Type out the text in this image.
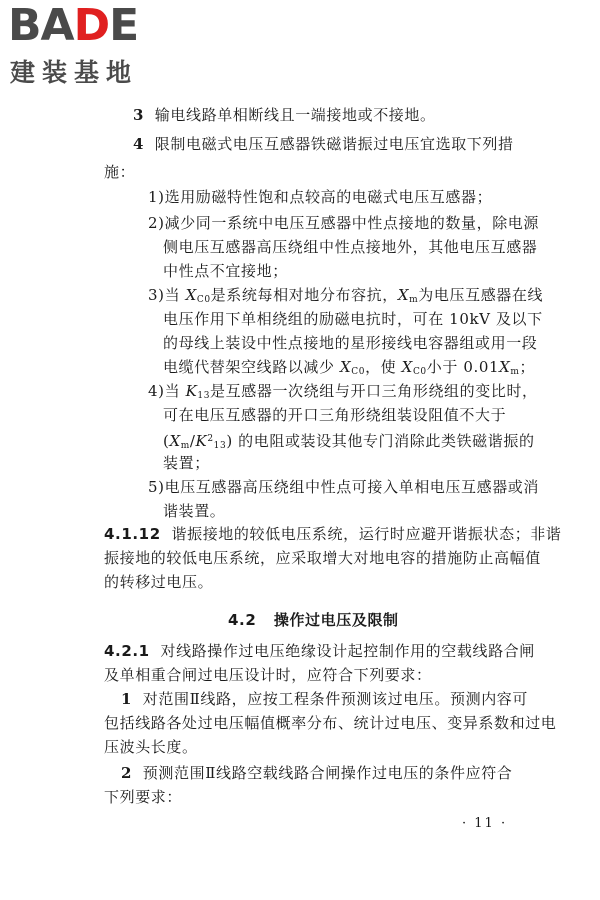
BADE
建装基地
3 输电线路单相断线且一端接地或不接地。
4 限制电磁式电压互感器铁磁谐振过电压宜选取下列措
施：
1)选用励磁特性饱和点较高的电磁式电压互感器；
2)减少同一系统中电压互感器中性点接地的数量，除电源
侧电压互感器高压绕组中性点接地外，其他电压互感器
中性点不宜接地；
3)当 $X_{C0}$是系统每相对地分布容抗，$X_m$为电压互感器在线
电压作用下单相绕组的励磁电抗时，可在 10kV 及以下
的母线上装设中性点接地的星形接线电容器组或用一段
电缆代替架空线路以减少 $X_{C0}$，使 $X_{C0}$小于 $0.01X_m$；
4)当 $K_{13}$是互感器一次绕组与开口三角形绕组的变比时，
可在电压互感器的开口三角形绕组装设阻值不大于
$(X_m/K^2_{13})$ 的电阻或装设其他专门消除此类铁磁谐振的
装置；
5)电压互感器高压绕组中性点可接入单相电压互感器或消
谐装置。
4.1.12 谐振接地的较低电压系统，运行时应避开谐振状态；非谐
振接地的较低电压系统，应采取增大对地电容的措施防止高幅值
的转移过电压。
4.2 操作过电压及限制
4.2.1 对线路操作过电压绝缘设计起控制作用的空载线路合闸
及单相重合闸过电压设计时，应符合下列要求：
1 对范围Ⅱ线路，应按工程条件预测该过电压。预测内容可
包括线路各处过电压幅值概率分布、统计过电压、变异系数和过电
压波头长度。
2 预测范围Ⅱ线路空载线路合闸操作过电压的条件应符合
下列要求：
· 11 ·
